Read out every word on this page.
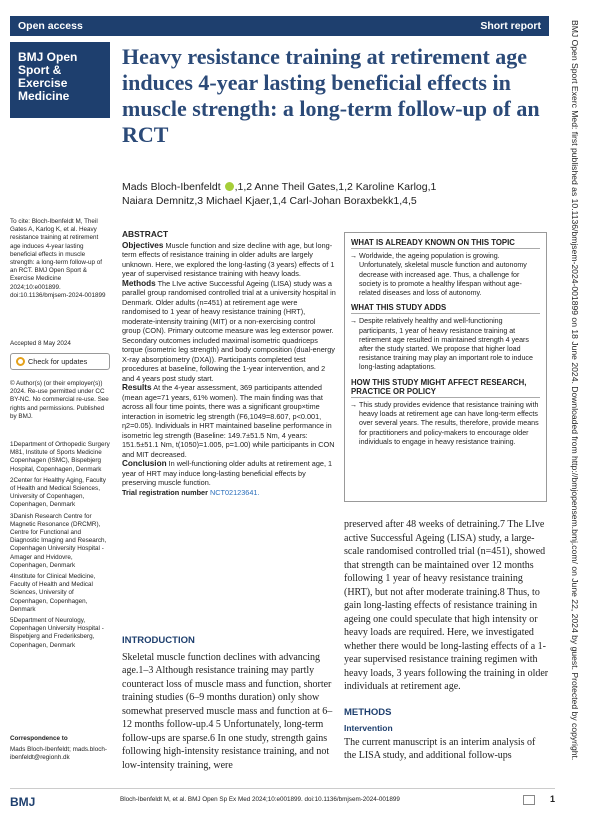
Open access	Short report
BMJ Open
Sport &
Exercise
Medicine
Heavy resistance training at retirement age induces 4-year lasting beneficial effects in muscle strength: a long-term follow-up of an RCT
Mads Bloch-Ibenfeldt ,1,2 Anne Theil Gates,1,2 Karoline Karlog,1
Naiara Demnitz,3 Michael Kjaer,1,4 Carl-Johan Boraxbekk1,4,5

To cite: Bloch-Ibenfeldt M, Theil Gates A, Karlog K, et al. Heavy resistance training at retirement age induces 4-year lasting beneficial effects in muscle strength: a long-term follow-up of an RCT. BMJ Open Sport & Exercise Medicine 2024;10:e001899. doi:10.1136/bmjsem-2024-001899

Accepted 8 May 2024
Check for updates

© Author(s) (or their employer(s)) 2024. Re-use permitted under CC BY-NC. No commercial re-use. See rights and permissions. Published by BMJ.

1Department of Orthopedic Surgery M81, Institute of Sports Medicine Copenhagen (ISMC), Bispebjerg Hospital, Copenhagen, Denmark

2Center for Healthy Aging, Faculty of Health and Medical Sciences, University of Copenhagen, Copenhagen, Denmark

3Danish Research Centre for Magnetic Resonance (DRCMR), Centre for Functional and Diagnostic Imaging and Research, Copenhagen University Hospital - Amager and Hvidovre, Copenhagen, Denmark

4Institute for Clinical Medicine, Faculty of Health and Medical Sciences, University of Copenhagen, Copenhagen, Denmark

5Department of Neurology, Copenhagen University Hospital - Bispebjerg and Frederiksberg, Copenhagen, Denmark

Correspondence to

Mads Bloch-Ibenfeldt; mads.bloch-ibenfeldt@regionh.dk

ABSTRACT

Objectives Muscle function and size decline with age, but long-term effects of resistance training in older adults are largely unknown. Here, we explored the long-lasting (3 years) effects of 1 year of supervised resistance training with heavy loads.

Methods The LIve active Successful Ageing (LISA) study was a parallel group randomised controlled trial at a university hospital in Denmark. Older adults (n=451) at retirement age were randomised to 1 year of heavy resistance training (HRT), moderate-intensity training (MIT) or a non-exercising control group (CON). Primary outcome measure was leg extensor power. Secondary outcomes included maximal isometric quadriceps torque (isometric leg strength) and body composition (dual-energy X-ray absorptiometry (DXA)). Participants completed test procedures at baseline, following the 1-year intervention, and 2 and 4 years post study start.

Results At the 4-year assessment, 369 participants attended (mean age=71 years, 61% women). The main finding was that across all four time points, there was a significant group×time interaction in isometric leg strength (F6,1049=8.607, p<0.001, η2=0.05). Individuals in HRT maintained baseline performance in isometric leg strength (Baseline: 149.7±51.5 Nm, 4 years: 151.5±51.1 Nm, t(1050)=1.005, p=1.00) while participants in CON and MIT decreased.

Conclusion In well-functioning older adults at retirement age, 1 year of HRT may induce long-lasting beneficial effects by preserving muscle function.

Trial registration number NCT02123641.

WHAT IS ALREADY KNOWN ON THIS TOPIC

→ Worldwide, the ageing population is growing. Unfortunately, skeletal muscle function and autonomy decrease with increased age. Thus, a challenge for society is to promote a healthy lifespan without age-related diseases and loss of autonomy.

WHAT THIS STUDY ADDS

→ Despite relatively healthy and well-functioning participants, 1 year of heavy resistance training at retirement age resulted in maintained strength 4 years after the study started. We propose that higher load resistance training may play an important role to induce long-lasting adaptations.

HOW THIS STUDY MIGHT AFFECT RESEARCH, PRACTICE OR POLICY

→ This study provides evidence that resistance training with heavy loads at retirement age can have long-term effects over several years. The results, therefore, provide means for practitioners and policy-makers to encourage older individuals to engage in heavy resistance training.

preserved after 48 weeks of detraining.7 The LIve active Successful Ageing (LISA) study, a large-scale randomised controlled trial (n=451), showed that strength can be maintained over 12 months following 1 year of heavy resistance training (HRT), but not after moderate training.8 Thus, to gain long-lasting effects of resistance training in ageing one could speculate that high intensity or heavy loads are required. Here, we investigated whether there would be long-lasting effects of a 1-year supervised resistance training regimen with heavy loads, 3 years following the training in older individuals at retirement age.

METHODS
Intervention

The current manuscript is an interim analysis of the LISA study, and additional follow-ups

INTRODUCTION

Skeletal muscle function declines with advancing age.1–3 Although resistance training may partly counteract loss of muscle mass and function, shorter training studies (6–9 months duration) only show somewhat preserved muscle mass and function at 6–12 months follow-up.4 5 Unfortunately, long-term follow-ups are sparse.6 In one study, strength gains following high-intensity resistance training, and not low-intensity training, were

BMJ	Bloch-Ibenfeldt M, et al. BMJ Open Sp Ex Med 2024;10:e001899. doi:10.1136/bmjsem-2024-001899	1
BMJ Open Sport Exerc Med: first published as 10.1136/bmjsem-2024-001899 on 18 June 2024. Downloaded from http://bmjopensem.bmj.com/ on June 22, 2024 by guest. Protected by copyright.
